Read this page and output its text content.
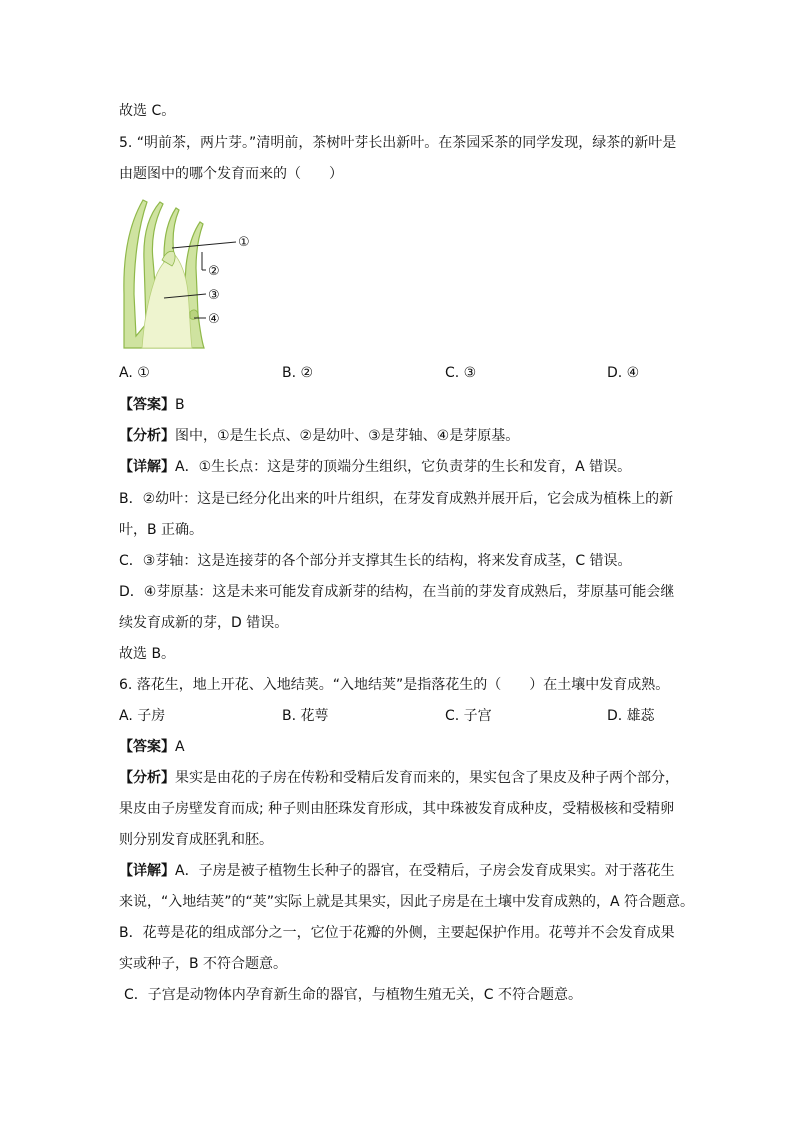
故选 C。
5. “明前茶，两片芽。”清明前，茶树叶芽长出新叶。在茶园采茶的同学发现，绿茶的新叶是
由题图中的哪个发育而来的（　　）
①
②
③
④
A. ①	B. ②	C. ③	D. ④
【答案】B
【分析】图中，①是生长点、②是幼叶、③是芽轴、④是芽原基。
【详解】A．①生长点：这是芽的顶端分生组织，它负责芽的生长和发育，A 错误。
B．②幼叶：这是已经分化出来的叶片组织，在芽发育成熟并展开后，它会成为植株上的新
叶，B 正确。
C．③芽轴：这是连接芽的各个部分并支撑其生长的结构，将来发育成茎，C 错误。
D．④芽原基：这是未来可能发育成新芽的结构，在当前的芽发育成熟后，芽原基可能会继
续发育成新的芽，D 错误。
故选 B。
6. 落花生，地上开花、入地结荚。“入地结荚”是指落花生的（　　）在土壤中发育成熟。
A. 子房	B. 花萼	C. 子宫	D. 雄蕊
【答案】A
【分析】果实是由花的子房在传粉和受精后发育而来的，果实包含了果皮及种子两个部分，
果皮由子房壁发育而成; 种子则由胚珠发育形成，其中珠被发育成种皮，受精极核和受精卵
则分别发育成胚乳和胚。
【详解】A．子房是被子植物生长种子的器官，在受精后，子房会发育成果实。对于落花生
来说，“入地结荚”的“荚”实际上就是其果实，因此子房是在土壤中发育成熟的，A 符合题意。
B．花萼是花的组成部分之一，它位于花瓣的外侧，主要起保护作用。花萼并不会发育成果
实或种子，B 不符合题意。
C．子宫是动物体内孕育新生命的器官，与植物生殖无关，C 不符合题意。
